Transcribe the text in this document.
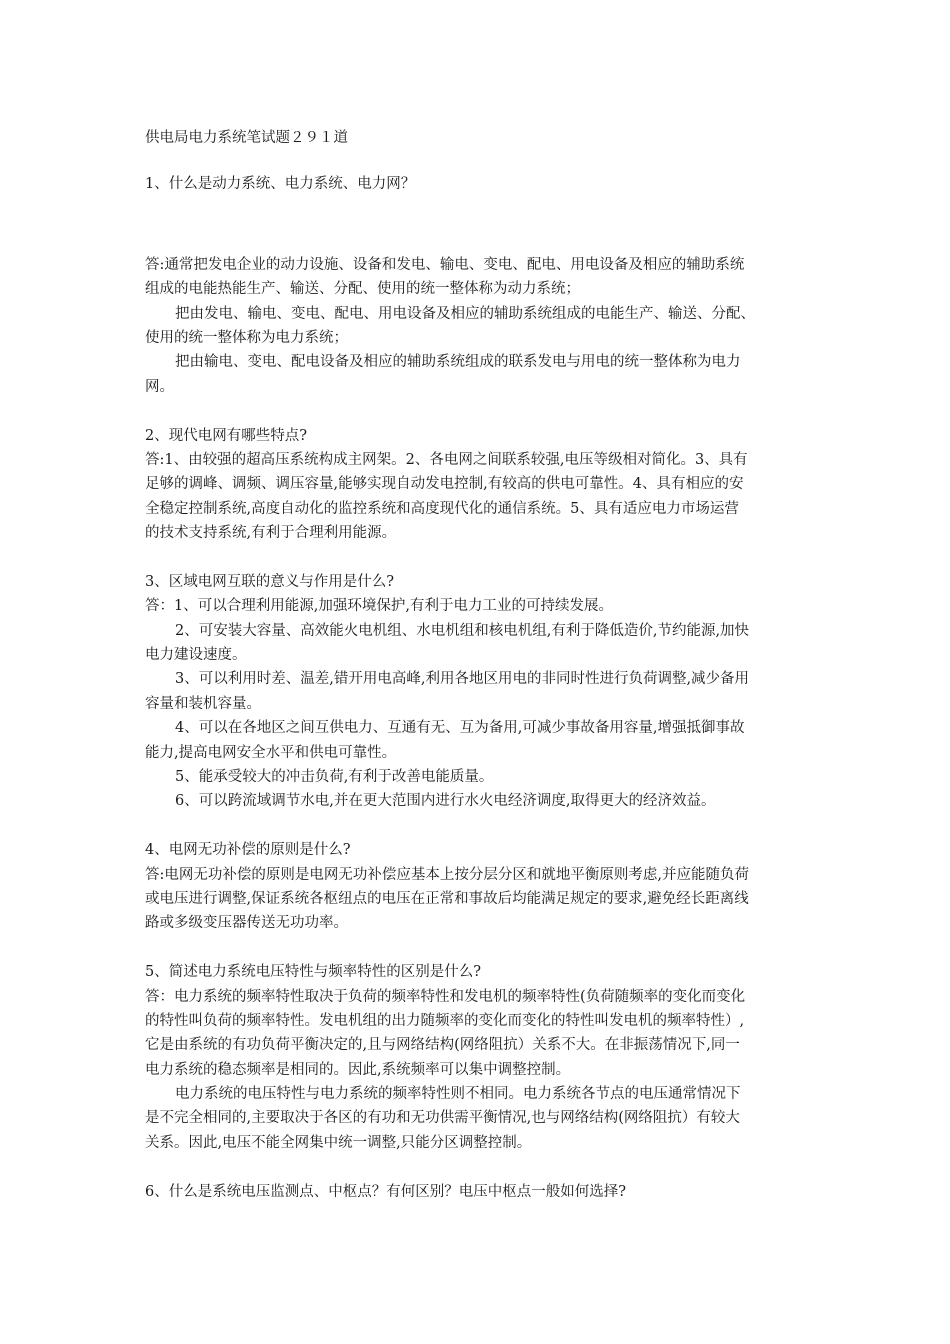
供电局电力系统笔试题２９１道
1、什么是动力系统、电力系统、电力网？
答:通常把发电企业的动力设施、设备和发电、输电、变电、配电、用电设备及相应的辅助系统
组成的电能热能生产、输送、分配、使用的统一整体称为动力系统；
把由发电、输电、变电、配电、用电设备及相应的辅助系统组成的电能生产、输送、分配、
使用的统一整体称为电力系统；
把由输电、变电、配电设备及相应的辅助系统组成的联系发电与用电的统一整体称为电力
网。
2、现代电网有哪些特点?
答:1、由较强的超高压系统构成主网架。2、各电网之间联系较强,电压等级相对简化。3、具有
足够的调峰、调频、调压容量,能够实现自动发电控制,有较高的供电可靠性。4、具有相应的安
全稳定控制系统,高度自动化的监控系统和高度现代化的通信系统。5、具有适应电力市场运营
的技术支持系统,有利于合理利用能源。
3、区域电网互联的意义与作用是什么?
答：1、可以合理利用能源,加强环境保护,有利于电力工业的可持续发展。
2、可安装大容量、高效能火电机组、水电机组和核电机组,有利于降低造价,节约能源,加快
电力建设速度。
3、可以利用时差、温差,错开用电高峰,利用各地区用电的非同时性进行负荷调整,减少备用
容量和装机容量。
4、可以在各地区之间互供电力、互通有无、互为备用,可减少事故备用容量,增强抵御事故
能力,提高电网安全水平和供电可靠性。
5、能承受较大的冲击负荷,有利于改善电能质量。
6、可以跨流域调节水电,并在更大范围内进行水火电经济调度,取得更大的经济效益。
4、电网无功补偿的原则是什么?
答:电网无功补偿的原则是电网无功补偿应基本上按分层分区和就地平衡原则考虑,并应能随负荷
或电压进行调整,保证系统各枢纽点的电压在正常和事故后均能满足规定的要求,避免经长距离线
路或多级变压器传送无功功率。
5、简述电力系统电压特性与频率特性的区别是什么?
答：电力系统的频率特性取决于负荷的频率特性和发电机的频率特性(负荷随频率的变化而变化
的特性叫负荷的频率特性。发电机组的出力随频率的变化而变化的特性叫发电机的频率特性）,
它是由系统的有功负荷平衡决定的,且与网络结构(网络阻抗）关系不大。在非振荡情况下,同一
电力系统的稳态频率是相同的。因此,系统频率可以集中调整控制。
电力系统的电压特性与电力系统的频率特性则不相同。电力系统各节点的电压通常情况下
是不完全相同的,主要取决于各区的有功和无功供需平衡情况,也与网络结构(网络阻抗）有较大
关系。因此,电压不能全网集中统一调整,只能分区调整控制。
6、什么是系统电压监测点、中枢点？有何区别？电压中枢点一般如何选择?
